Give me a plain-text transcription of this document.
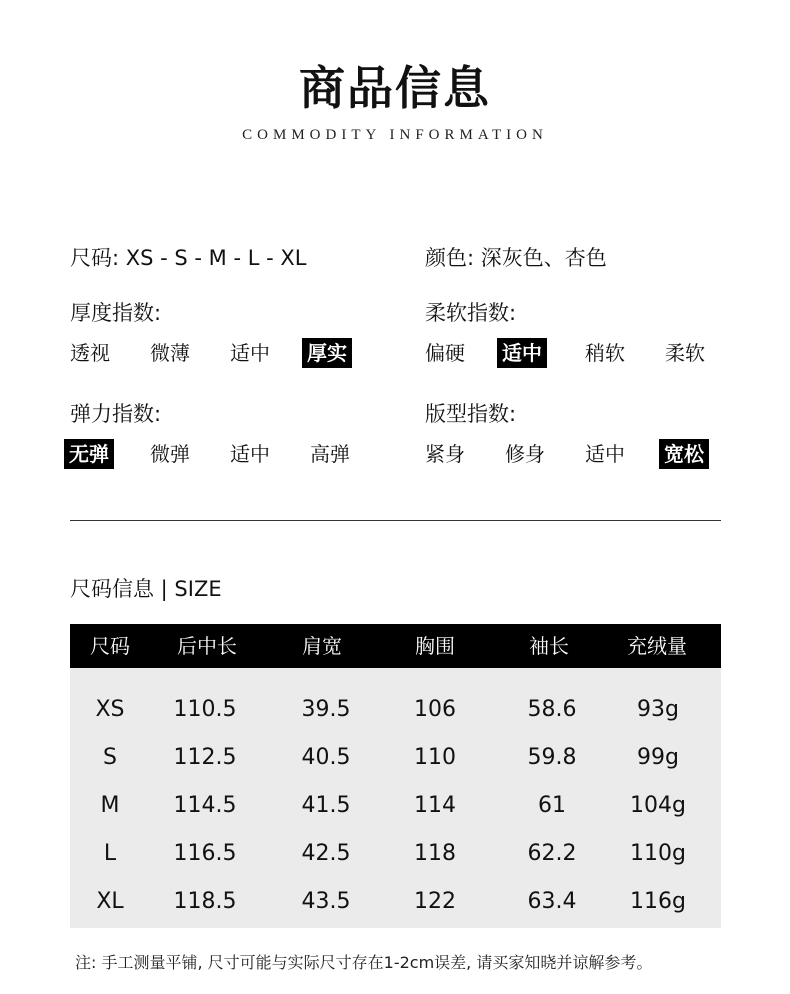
商品信息
COMMODITY INFORMATION
尺码: XS - S - M - L - XL	颜色: 深灰色、杏色
厚度指数:
透视 微薄 适中 厚实
柔软指数:
偏硬 适中 稍软 柔软
弹力指数:
无弹 微弹 适中 高弹
版型指数:
紧身 修身 适中 宽松
尺码信息 | SIZE
尺码 后中长	肩宽	胸围	袖长	充绒量
XS	110.5	39.5	106	58.6	93g
S	112.5	40.5	110	59.8	99g
M	114.5	41.5	114	61	104g
L	116.5	42.5	118	62.2	110g
XL	118.5	43.5	122	63.4	116g
注: 手工测量平铺, 尺寸可能与实际尺寸存在1-2cm误差, 请买家知晓并谅解参考。
